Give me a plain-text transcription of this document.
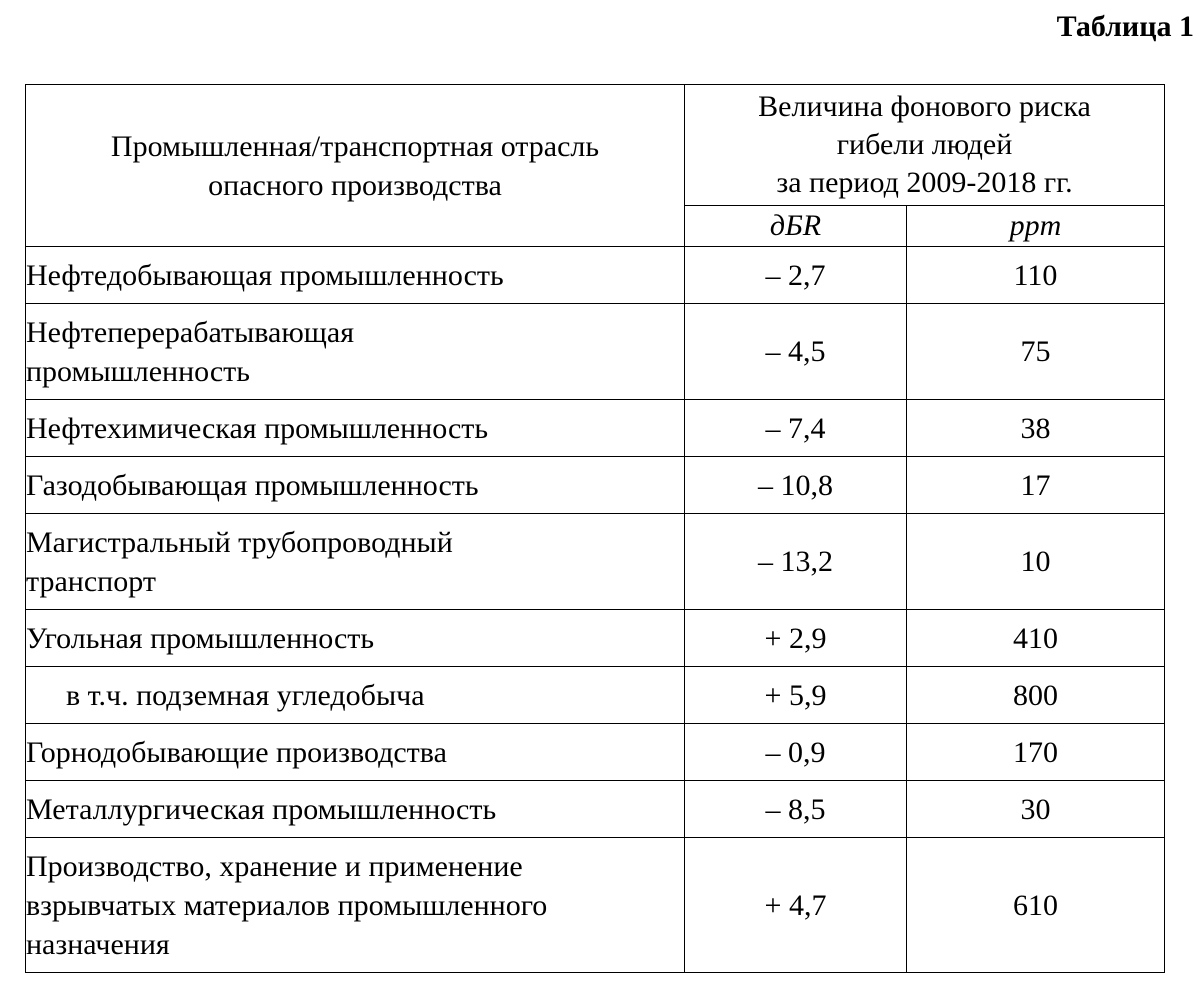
Таблица 1
Промышленная/транспортная отрасль
опасного производства	Величина фонового риска
гибели людей
за период 2009-2018 гг.	

	дБR	ppm

Нефтедобывающая промышленность	– 2,7	110

Нефтеперерабатывающая
промышленность	– 4,5	75

Нефтехимическая промышленность	– 7,4	38

Газодобывающая промышленность	– 10,8	17

Магистральный трубопроводный
транспорт	– 13,2	10

Угольная промышленность	+ 2,9	410

в т.ч. подземная угледобыча	+ 5,9	800

Горнодобывающие производства	– 0,9	170

Металлургическая промышленность	– 8,5	30

Производство, хранение и применение
взрывчатых материалов промышленного
назначения	+ 4,7	610
